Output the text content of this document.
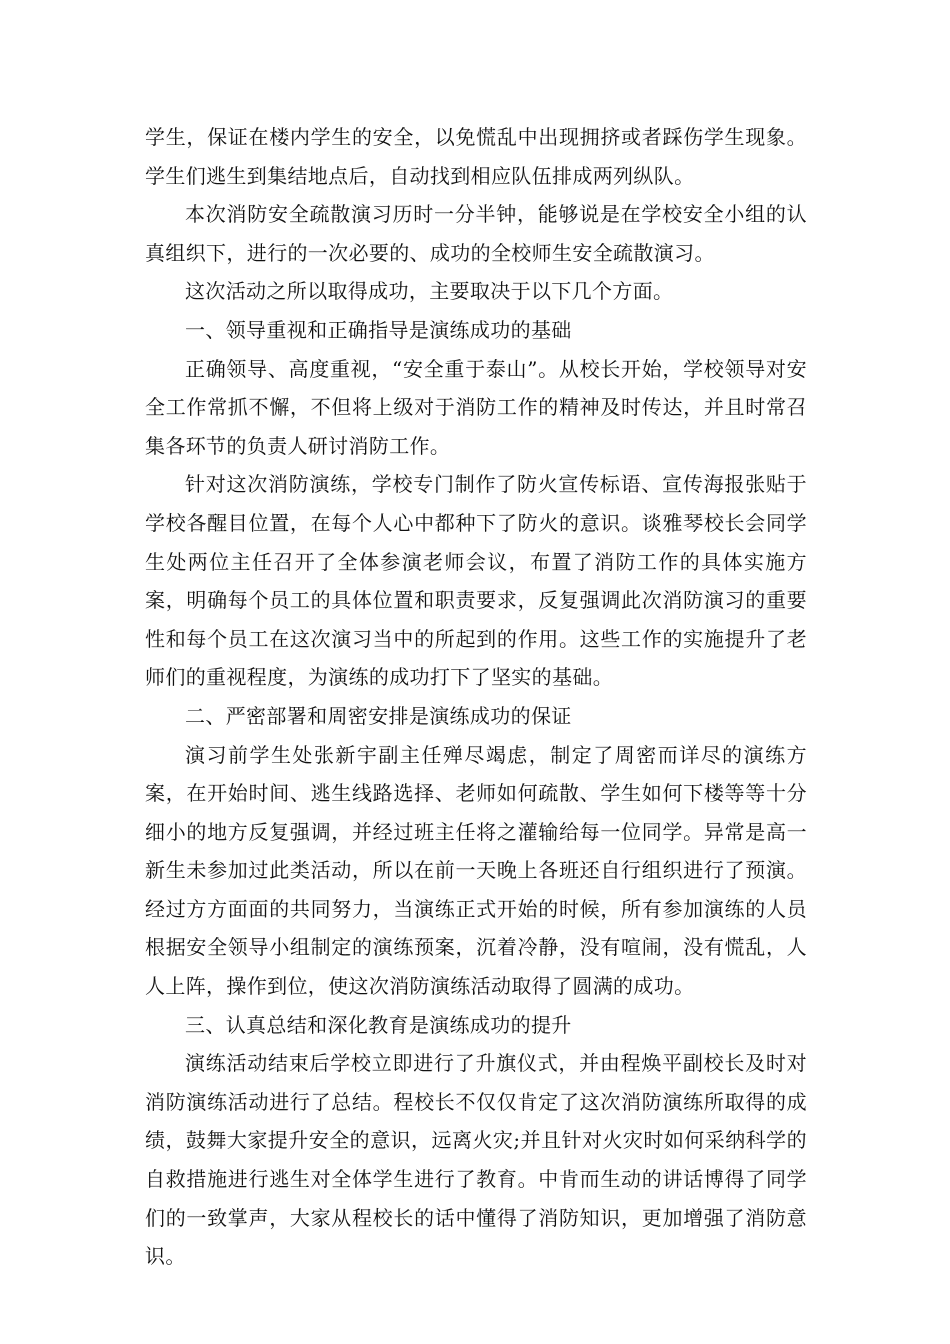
学生，保证在楼内学生的安全，以免慌乱中出现拥挤或者踩伤学生现象。学生们逃生到集结地点后，自动找到相应队伍排成两列纵队。

本次消防安全疏散演习历时一分半钟，能够说是在学校安全小组的认真组织下，进行的一次必要的、成功的全校师生安全疏散演习。

这次活动之所以取得成功，主要取决于以下几个方面。

一、领导重视和正确指导是演练成功的基础

正确领导、高度重视，“安全重于泰山”。从校长开始，学校领导对安全工作常抓不懈，不但将上级对于消防工作的精神及时传达，并且时常召集各环节的负责人研讨消防工作。

针对这次消防演练，学校专门制作了防火宣传标语、宣传海报张贴于学校各醒目位置，在每个人心中都种下了防火的意识。谈雅琴校长会同学生处两位主任召开了全体参演老师会议，布置了消防工作的具体实施方案，明确每个员工的具体位置和职责要求，反复强调此次消防演习的重要性和每个员工在这次演习当中的所起到的作用。这些工作的实施提升了老师们的重视程度，为演练的成功打下了坚实的基础。

二、严密部署和周密安排是演练成功的保证

演习前学生处张新宇副主任殚尽竭虑，制定了周密而详尽的演练方案，在开始时间、逃生线路选择、老师如何疏散、学生如何下楼等等十分细小的地方反复强调，并经过班主任将之灌输给每一位同学。异常是高一新生未参加过此类活动，所以在前一天晚上各班还自行组织进行了预演。经过方方面面的共同努力，当演练正式开始的时候，所有参加演练的人员根据安全领导小组制定的演练预案，沉着冷静，没有喧闹，没有慌乱，人人上阵，操作到位，使这次消防演练活动取得了圆满的成功。

三、认真总结和深化教育是演练成功的提升

演练活动结束后学校立即进行了升旗仪式，并由程焕平副校长及时对消防演练活动进行了总结。程校长不仅仅肯定了这次消防演练所取得的成绩，鼓舞大家提升安全的意识，远离火灾;并且针对火灾时如何采纳科学的自救措施进行逃生对全体学生进行了教育。中肯而生动的讲话博得了同学们的一致掌声，大家从程校长的话中懂得了消防知识，更加增强了消防意识。
